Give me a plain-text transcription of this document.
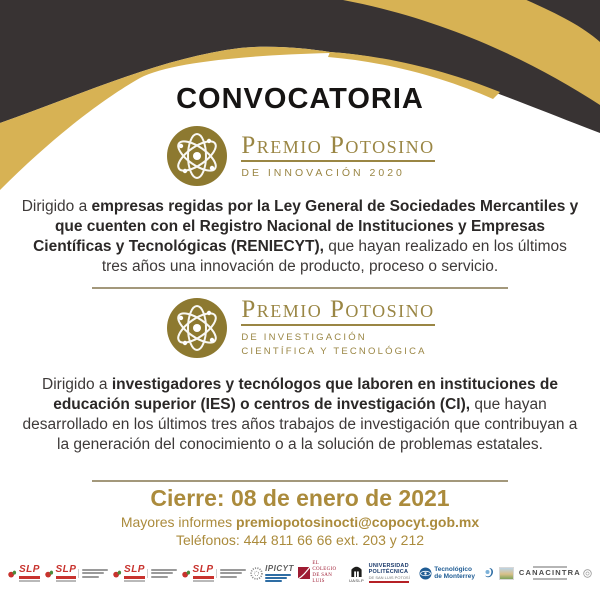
CONVOCATORIA
Premio Potosino
DE INNOVACIÓN 2020

Dirigido a empresas regidas por la Ley General de Sociedades Mercantiles y que cuenten con el Registro Nacional de Instituciones y Empresas Científicas y Tecnológicas (RENIECYT), que hayan realizado en los últimos tres años una innovación de producto, proceso o servicio.

Premio Potosino
DE INVESTIGACIÓN
CIENTÍFICA Y TECNOLÓGICA

Dirigido a investigadores y tecnólogos que laboren en instituciones de educación superior (IES) o centros de investigación (CI), que hayan desarrollado en los últimos tres años trabajos de investigación que contribuyan a la generación del conocimiento o a la solución de problemas estatales.

Cierre: 08 de enero de 2021
Mayores informes premiopotosinocti@copocyt.gob.mx
Teléfonos: 444 811 66 66 ext. 203 y 212
SLP SLP	SLP	SLP	IPICYT	EL COLEGIO DE SAN LUIS	UASLP
UNIVERSIDAD POLITÉCNICA
DE SAN LUIS POTOSÍ
Tecnológico de Monterrey	CANACINTRA
